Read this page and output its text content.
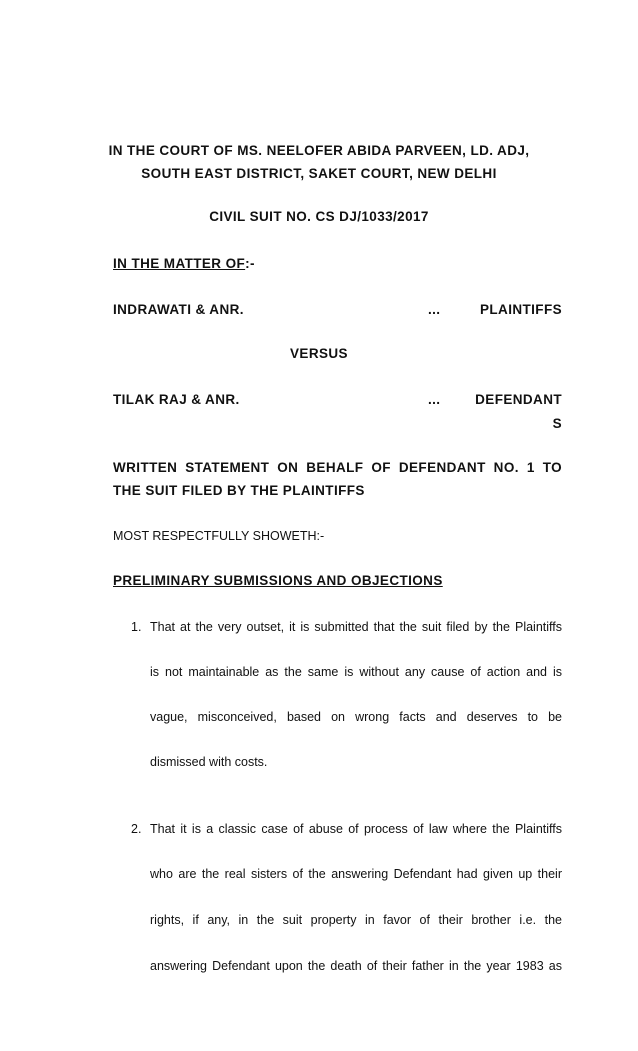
IN THE COURT OF MS. NEELOFER ABIDA PARVEEN, LD. ADJ,
SOUTH EAST DISTRICT, SAKET COURT, NEW DELHI
CIVIL SUIT NO. CS DJ/1033/2017
IN THE MATTER OF:-
INDRAWATI & ANR.	...	PLAINTIFFS
VERSUS
TILAK RAJ & ANR.	...	DEFENDANT
S
WRITTEN STATEMENT ON BEHALF OF DEFENDANT NO. 1 TO
THE SUIT FILED BY THE PLAINTIFFS
MOST RESPECTFULLY SHOWETH:-
PRELIMINARY SUBMISSIONS AND OBJECTIONS
1. That at the very outset, it is submitted that the suit filed by the Plaintiffs
is not maintainable as the same is without any cause of action and is
vague, misconceived, based on wrong facts and deserves to be
dismissed with costs.
2. That it is a classic case of abuse of process of law where the Plaintiffs
who are the real sisters of the answering Defendant had given up their
rights, if any, in the suit property in favor of their brother i.e. the
answering Defendant upon the death of their father in the year 1983 as
